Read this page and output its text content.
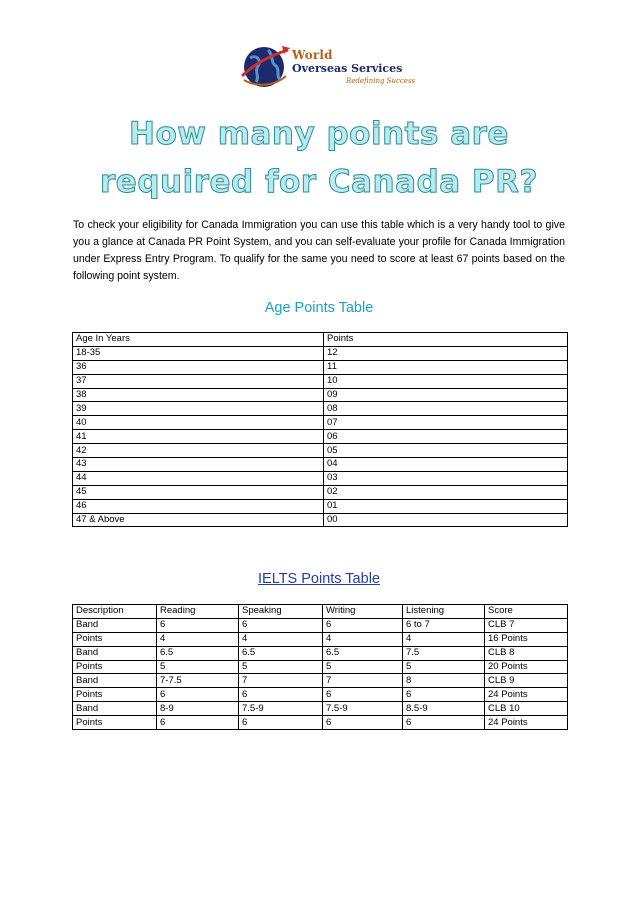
World
Overseas Services
Redefining Success
How many points are
required for Canada PR?

To check your eligibility for Canada Immigration you can use this table which is a very handy tool to give you a glance at Canada PR Point System, and you can self-evaluate your profile for Canada Immigration under Express Entry Program. To qualify for the same you need to score at least 67 points based on the following point system.

Age Points Table
Age In Years	Points
18-35	12
36	11
37	10
38	09
39	08
40	07
41	06
42	05
43	04
44	03
45	02
46	01
47 & Above	00
IELTS Points Table
Description	Reading	Speaking	Writing	Listening	Score
Band	6	6	6	6 to 7	CLB 7
Points	4	4	4	4	16 Points
Band	6.5	6.5	6.5	7.5	CLB 8
Points	5	5	5	5	20 Points
Band	7-7.5	7	7	8	CLB 9
Points	6	6	6	6	24 Points
Band	8-9	7.5-9	7.5-9	8.5-9	CLB 10
Points	6	6	6	6	24 Points
